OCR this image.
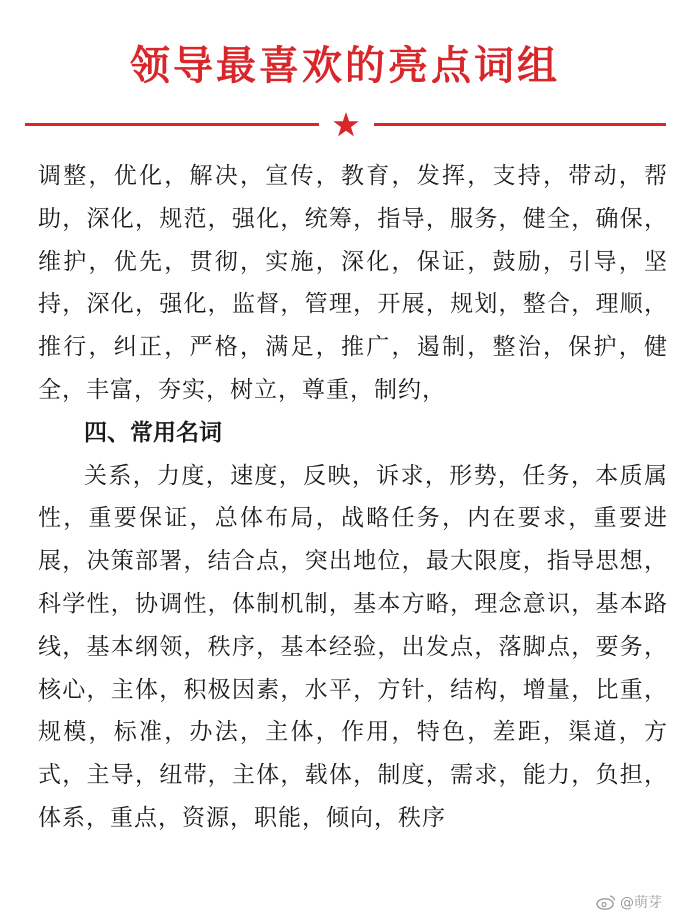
领导最喜欢的亮点词组

调整，优化，解决，宣传，教育，发挥，支持，带动，帮助，深化，规范，强化，统筹，指导，服务，健全，确保，维护，优先，贯彻，实施，深化，保证，鼓励，引导，坚持，深化，强化，监督，管理，开展，规划，整合，理顺，推行，纠正，严格，满足，推广，遏制，整治，保护，健全，丰富，夯实，树立，尊重，制约，

四、常用名词

关系，力度，速度，反映，诉求，形势，任务，本质属性，重要保证，总体布局，战略任务，内在要求，重要进展，决策部署，结合点，突出地位，最大限度，指导思想，科学性，协调性，体制机制，基本方略，理念意识，基本路线，基本纲领，秩序，基本经验，出发点，落脚点，要务，核心，主体，积极因素，水平，方针，结构，增量，比重，规模，标准，办法，主体，作用，特色，差距，渠道，方式，主导，纽带，主体，载体，制度，需求，能力，负担，体系，重点，资源，职能，倾向，秩序

@萌芽
